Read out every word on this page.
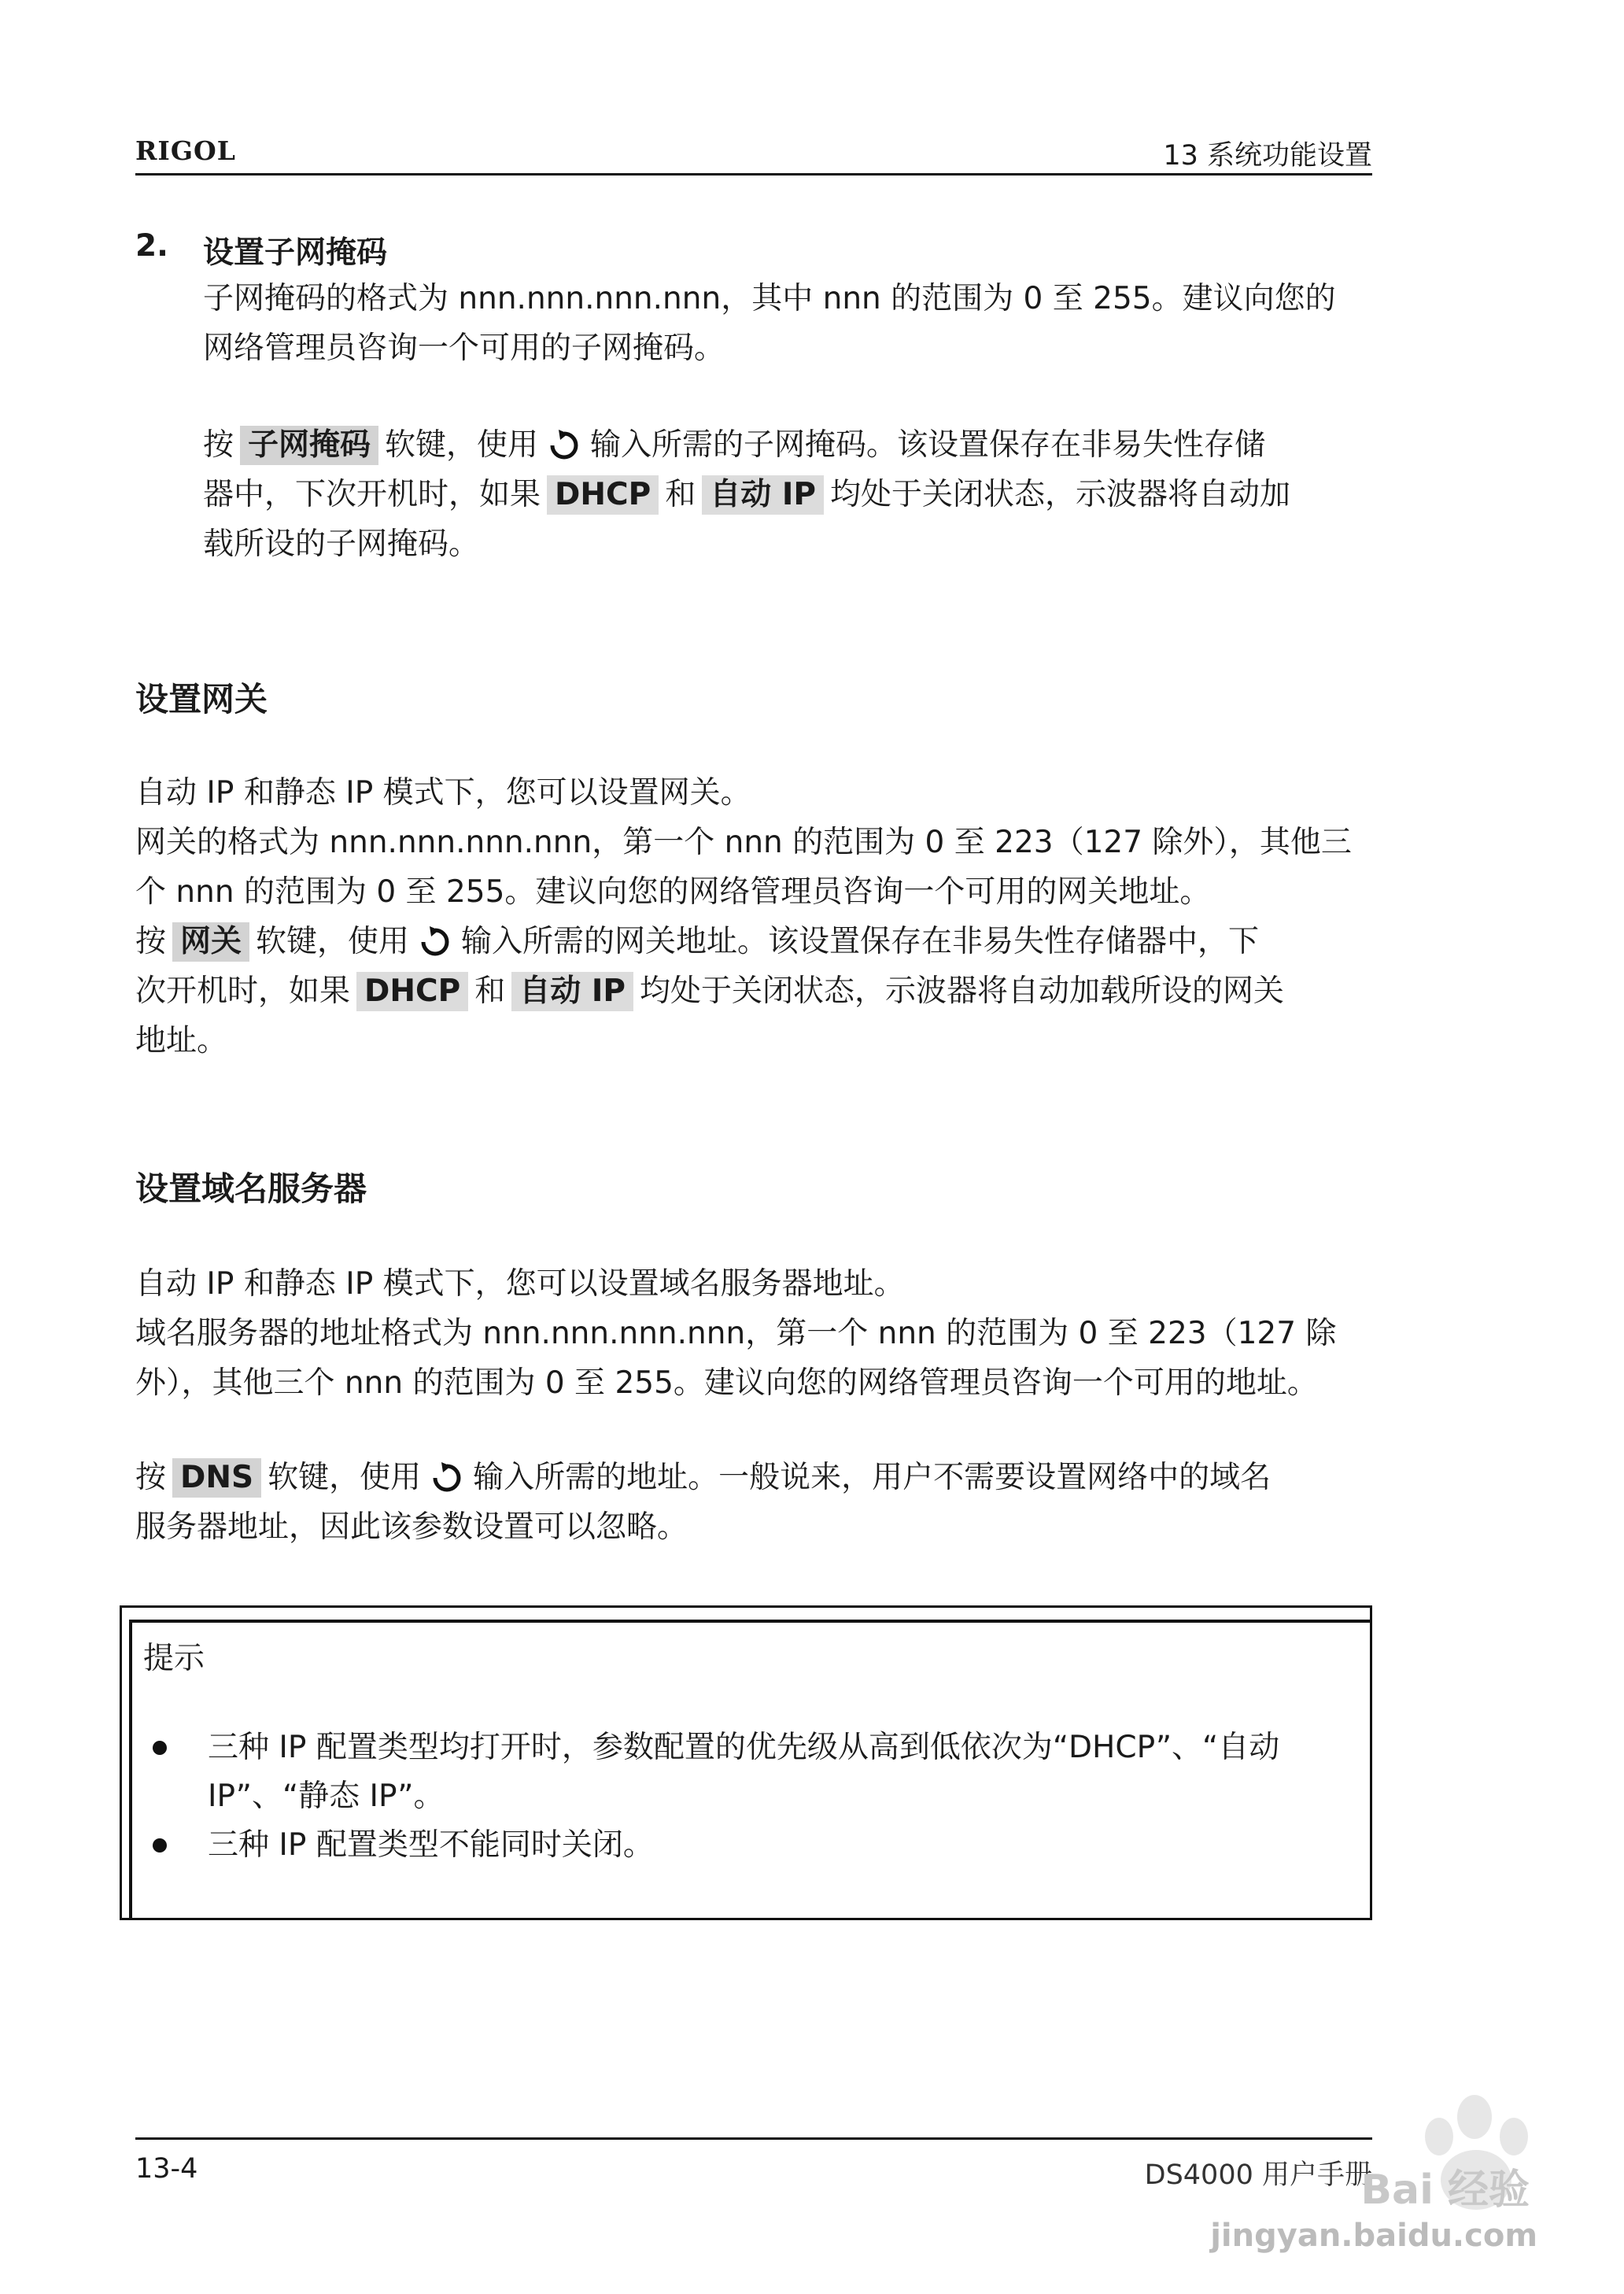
RIGOL	13 系统功能设置
2. 设置子网掩码
子网掩码的格式为 nnn.nnn.nnn.nnn，其中 nnn 的范围为 0 至 255。建议向您的
网络管理员咨询一个可用的子网掩码。
按 子网掩码 软键，使用 输入所需的子网掩码。该设置保存在非易失性存储
器中，下次开机时，如果 DHCP 和 自动 IP 均处于关闭状态，示波器将自动加
载所设的子网掩码。
设置网关
自动 IP 和静态 IP 模式下，您可以设置网关。
网关的格式为 nnn.nnn.nnn.nnn，第一个 nnn 的范围为 0 至 223（127 除外），其他三
个 nnn 的范围为 0 至 255。建议向您的网络管理员咨询一个可用的网关地址。
按 网关 软键，使用 输入所需的网关地址。该设置保存在非易失性存储器中，下
次开机时，如果 DHCP 和 自动 IP 均处于关闭状态，示波器将自动加载所设的网关
地址。
设置域名服务器
自动 IP 和静态 IP 模式下，您可以设置域名服务器地址。
域名服务器的地址格式为 nnn.nnn.nnn.nnn，第一个 nnn 的范围为 0 至 223（127 除
外），其他三个 nnn 的范围为 0 至 255。建议向您的网络管理员咨询一个可用的地址。
按 DNS 软键，使用 输入所需的地址。一般说来，用户不需要设置网络中的域名
服务器地址，因此该参数设置可以忽略。
提示
三种 IP 配置类型均打开时，参数配置的优先级从高到低依次为“DHCP”、“自动
IP”、“静态 IP”。
三种 IP 配置类型不能同时关闭。
13-4	DS4000 用户手册
jingyan.baidu.com
Bai 经验
